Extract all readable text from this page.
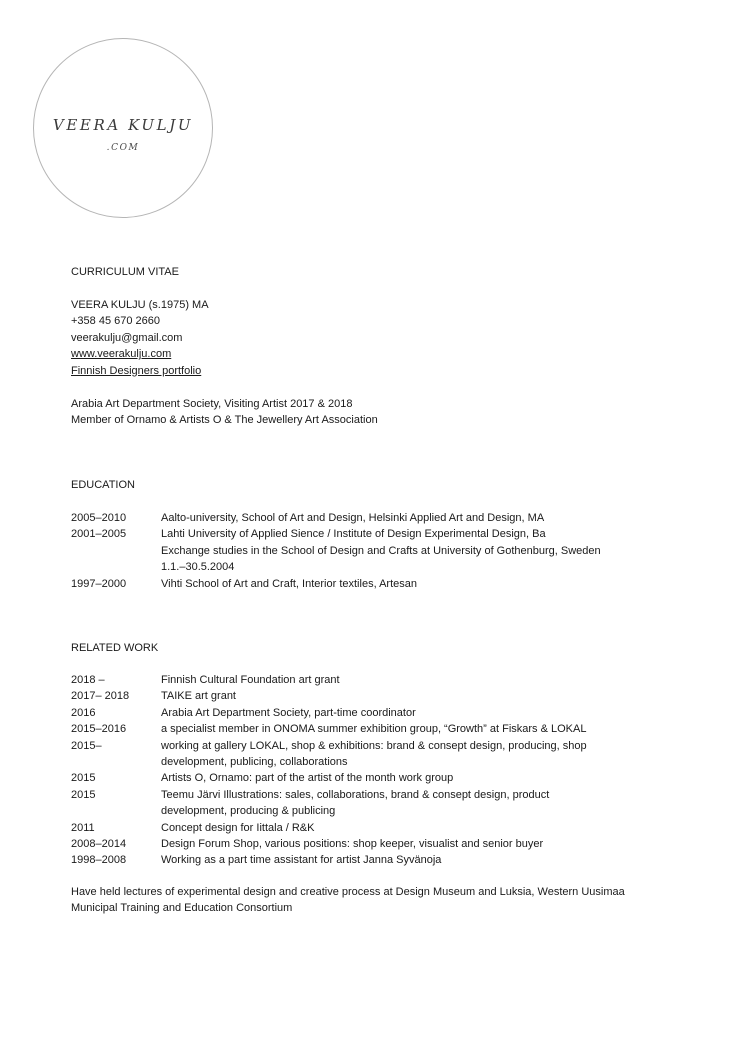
VEERA KULJU
.COM
CURRICULUM VITAE
VEERA KULJU (s.1975) MA
+358 45 670 2660
veerakulju@gmail.com
www.veerakulju.com
Finnish Designers portfolio
Arabia Art Department Society, Visiting Artist 2017 & 2018
Member of Ornamo & Artists O & The Jewellery Art Association
EDUCATION
2005–2010	Aalto-university, School of Art and Design, Helsinki Applied Art and Design, MA
2001–2005	Lahti University of Applied Sience / Institute of Design Experimental Design, Ba
Exchange studies in the School of Design and Crafts at University of Gothenburg, Sweden
1.1.–30.5.2004
1997–2000	Vihti School of Art and Craft, Interior textiles, Artesan
RELATED WORK
2018 –	Finnish Cultural Foundation art grant
2017– 2018	TAIKE art grant
2016	Arabia Art Department Society, part-time coordinator
2015–2016	a specialist member in ONOMA summer exhibition group, “Growth” at Fiskars & LOKAL
2015–	working at gallery LOKAL, shop & exhibitions: brand & consept design, producing, shop
development, publicing, collaborations
2015	Artists O, Ornamo: part of the artist of the month work group
2015	Teemu Järvi Illustrations: sales, collaborations, brand & consept design, product
development, producing & publicing
2011	Concept design for Iittala / R&K
2008–2014	Design Forum Shop, various positions: shop keeper, visualist and senior buyer
1998–2008	Working as a part time assistant for artist Janna Syvänoja
Have held lectures of experimental design and creative process at Design Museum and Luksia, Western Uusimaa
Municipal Training and Education Consortium
